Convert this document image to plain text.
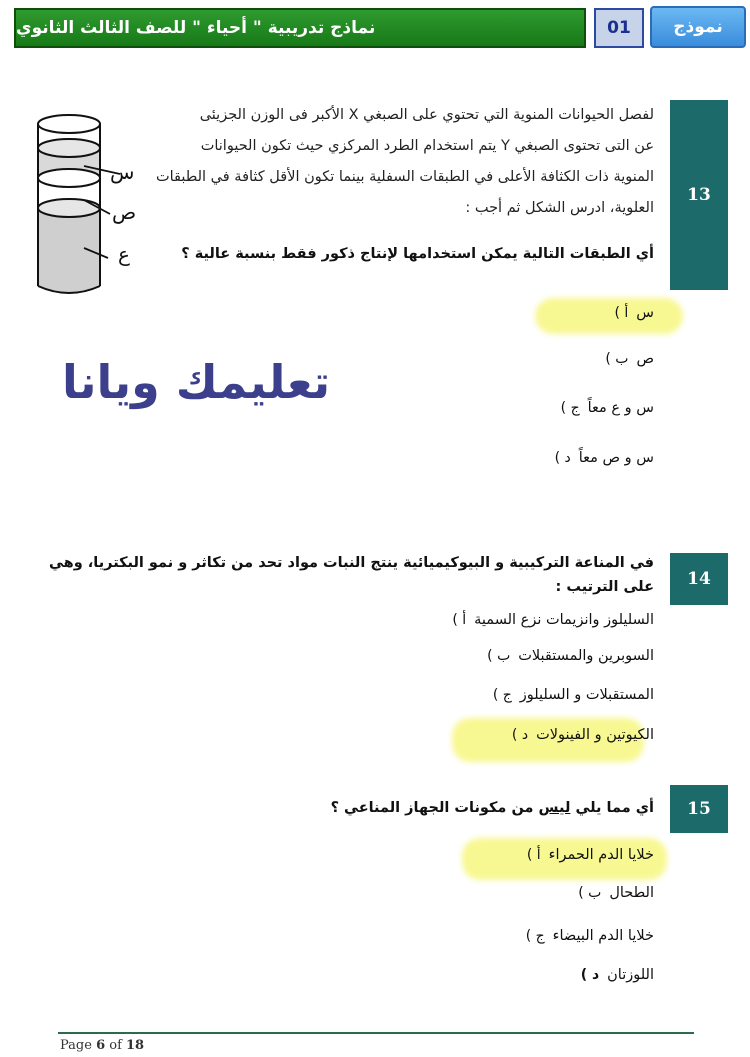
نماذج تدريبية " أحياء " للصف الثالث الثانوي	01	نموذج
13
لفصل الحيوانات المنوية التي تحتوي على الصبغي X الأكبر فى الوزن الجزيئى
عن التى تحتوى الصبغي Y يتم استخدام الطرد المركزي حيث تكون الحيوانات
المنوية ذات الكثافة الأعلى في الطبقات السفلية بينما تكون الأقل كثافة في الطبقات
العلوية، ادرس الشكل ثم أجب :
أي الطبقات التالية يمكن استخدامها لإنتاج ذكور فقط بنسبة عالية ؟
س
ص
ع
أ ) س
ب ) ص
ج ) س و ع معاً
د ) س و ص معاً
تعليمك ويانا
14
في المناعة التركيبية و البيوكيميائية ينتج النبات مواد تحد من تكاثر و نمو البكتريا، وهي على الترتيب :
أ ) السليلوز وانزيمات نزع السمية
ب ) السوبرين والمستقبلات
ج ) المستقبلات و السليلوز
د ) الكيوتين و الفينولات
15
أي مما يلي ليس من مكونات الجهاز المناعي ؟
أ ) خلايا الدم الحمراء
ب ) الطحال
ج ) خلايا الدم البيضاء
د ) اللوزتان
Page 6 of 18
